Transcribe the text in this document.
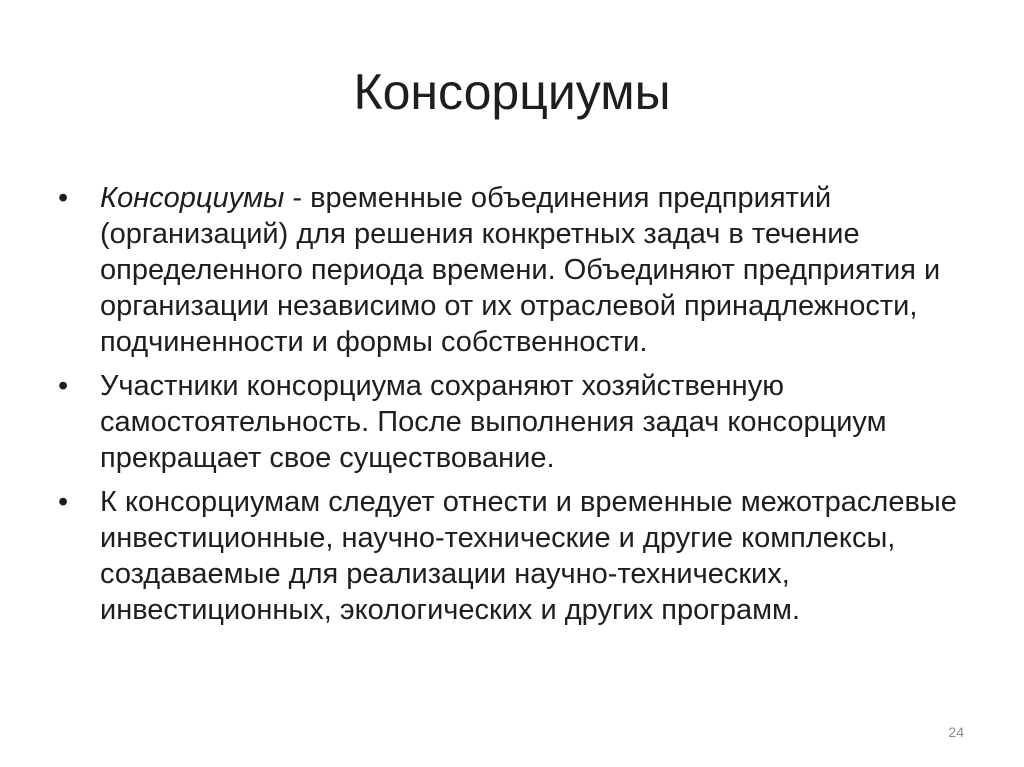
Консорциумы
•	Консорциумы - временные объединения предприятий (организаций) для решения конкретных задач в течение определенного периода времени. Объединяют предприятия и организации независимо от их отраслевой принадлежности, подчиненности и формы собственности.
•	Участники консорциума сохраняют хозяйственную самостоятельность. После выполнения задач консорциум прекращает свое существование.
•	К консорциумам следует отнести и временные межотраслевые инвестиционные, научно-технические и другие комплексы, создаваемые для реализации научно-технических, инвестиционных, экологических и других программ.
24
